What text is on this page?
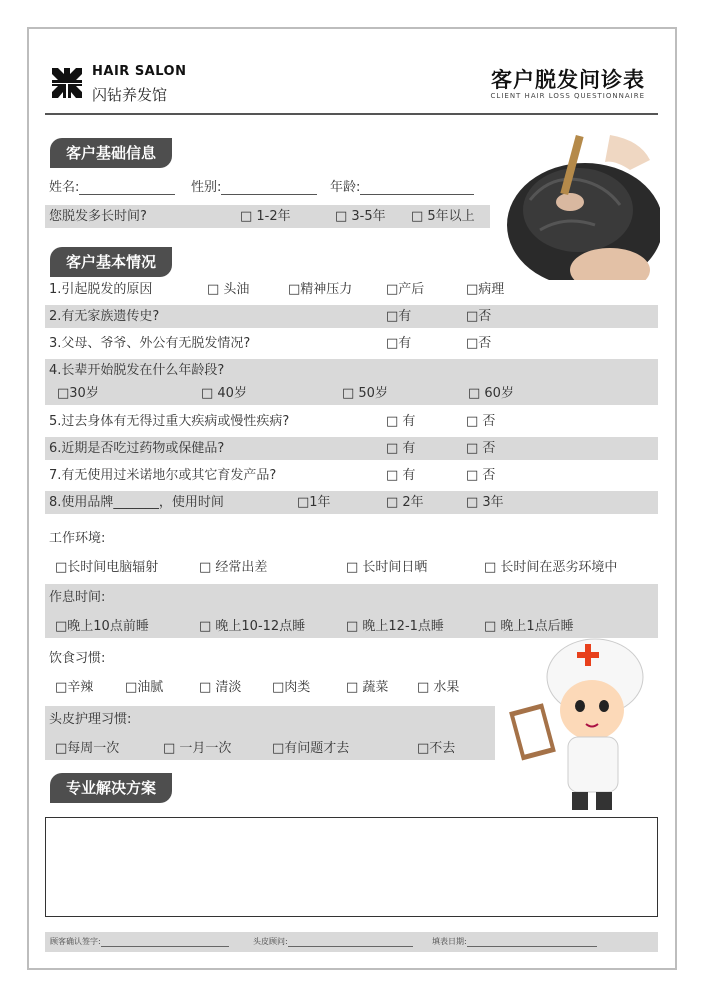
HAIR SALON
闪钻养发馆
客户脱发问诊表
CLIENT HAIR LOSS QUESTIONNAIRE
客户基础信息
姓名:	性别:	年龄:
您脱发多长时间?	□ 1-2年	□ 3-5年 □ 5年以上
客户基本情况
1.引起脱发的原因	□ 头油	□精神压力	□产后	□病理
2.有无家族遗传史?	□有	□否
3.父母、爷爷、外公有无脱发情况?	□有	□否
4.长辈开始脱发在什么年龄段?
□30岁	□ 40岁	□ 50岁	□ 60岁
5.过去身体有无得过重大疾病或慢性疾病?	□ 有	□ 否
6.近期是否吃过药物或保健品?	□ 有	□ 否
7.有无使用过米诺地尔或其它育发产品?	□ 有	□ 否
8.使用品牌_______，使用时间	□1年	□ 2年	□ 3年
工作环境:
□长时间电脑辐射	□ 经常出差	□ 长时间日晒	□ 长时间在恶劣环境中
作息时间:
□晚上10点前睡	□ 晚上10-12点睡	□ 晚上12-1点睡	□ 晚上1点后睡
饮食习惯:
□辛辣 □油腻	□ 清淡 □肉类	□ 蔬菜 □ 水果
头皮护理习惯:
□每周一次	□ 一月一次	□有问题才去	□不去
专业解决方案
顾客确认签字:	头皮顾问:	填表日期:
